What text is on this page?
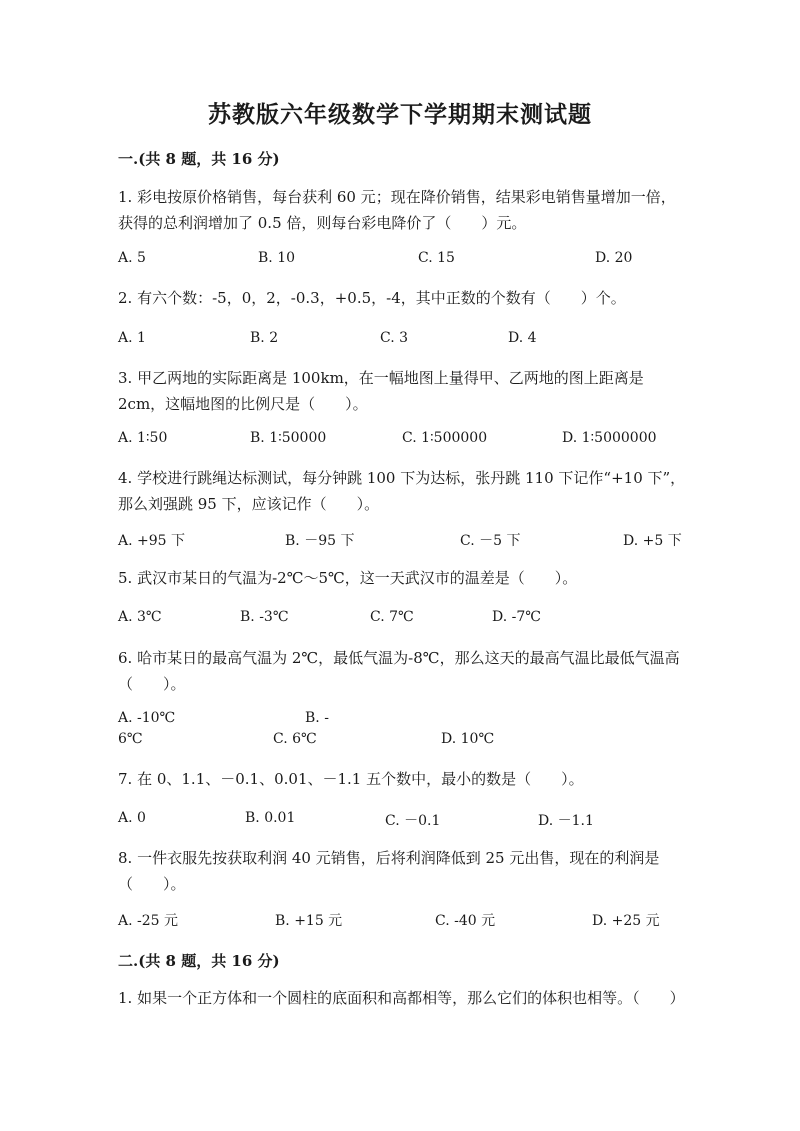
苏教版六年级数学下学期期末测试题
一.(共 8 题，共 16 分)
1. 彩电按原价格销售，每台获利 60 元；现在降价销售，结果彩电销售量增加一倍，获得的总利润增加了 0.5 倍，则每台彩电降价了（　　）元。
A. 5	B. 10	C. 15	D. 20
2. 有六个数：-5，0，2，-0.3，+0.5，-4，其中正数的个数有（　　）个。
A. 1	B. 2	C. 3	D. 4
3. 甲乙两地的实际距离是 100km，在一幅地图上量得甲、乙两地的图上距离是 2cm，这幅地图的比例尺是（　　）。
A. 1∶50	B. 1∶50000	C. 1∶500000	D. 1∶5000000
4. 学校进行跳绳达标测试，每分钟跳 100 下为达标，张丹跳 110 下记作“+10 下”，那么刘强跳 95 下，应该记作（　　）。
A. +95 下	B. －95 下	C. －5 下	D. +5 下
5. 武汉市某日的气温为-2℃～5℃，这一天武汉市的温差是（　　）。
A. 3℃	B. -3℃	C. 7℃	D. -7℃
6. 哈市某日的最高气温为 2℃，最低气温为-8℃，那么这天的最高气温比最低气温高（　　）。
A. -10℃	B. -
6℃	C. 6℃	D. 10℃
7. 在 0、1.1、－0.1、0.01、－1.1 五个数中，最小的数是（　　）。
A. 0	B. 0.01	C. －0.1	D. －1.1
8. 一件衣服先按获取利润 40 元销售，后将利润降低到 25 元出售，现在的利润是（　　）。
A. -25 元	B. +15 元	C. -40 元	D. +25 元
二.(共 8 题，共 16 分)
1. 如果一个正方体和一个圆柱的底面积和高都相等，那么它们的体积也相等。（　　）
